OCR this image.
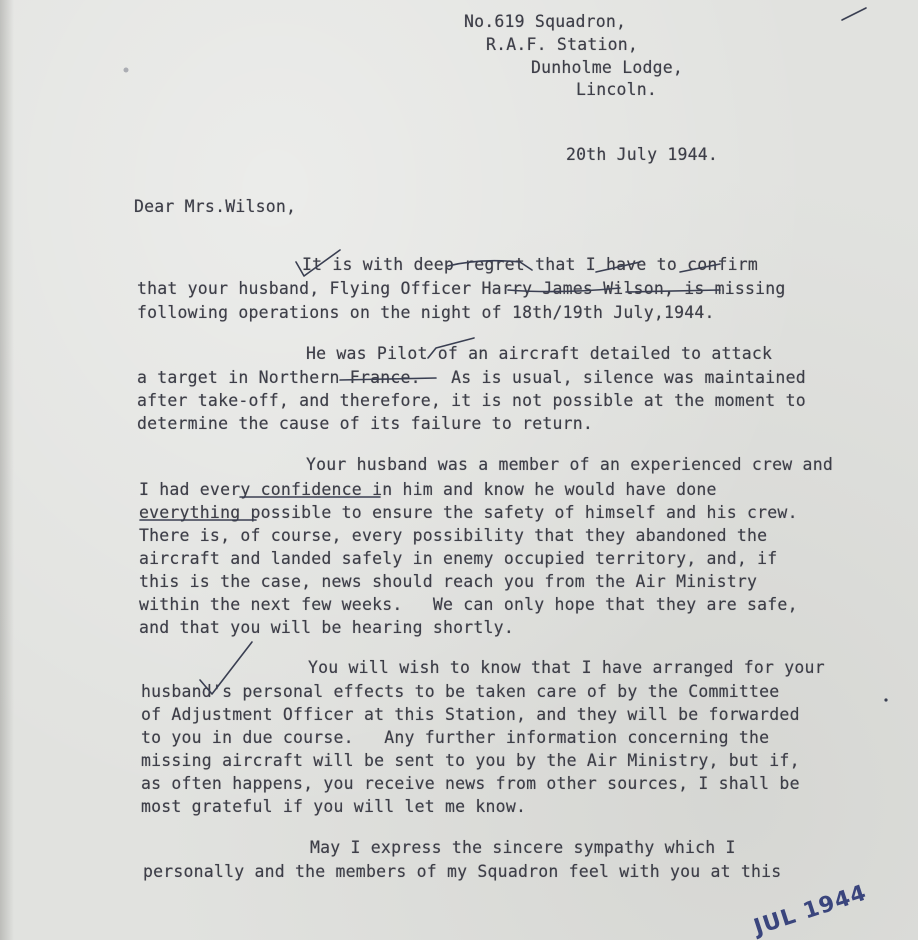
No.619 Squadron,
R.A.F. Station,
Dunholme Lodge,
Lincoln.
20th July 1944.
Dear Mrs.Wilson,
It is with deep regret that I have to confirm
that your husband, Flying Officer Harry James Wilson, is missing
following operations on the night of 18th/19th July,1944.
He was Pilot of an aircraft detailed to attack
a target in Northern France.   As is usual, silence was maintained
after take-off, and therefore, it is not possible at the moment to
determine the cause of its failure to return.
Your husband was a member of an experienced crew and
I had every confidence in him and know he would have done
everything possible to ensure the safety of himself and his crew.
There is, of course, every possibility that they abandoned the
aircraft and landed safely in enemy occupied territory, and, if
this is the case, news should reach you from the Air Ministry
within the next few weeks.   We can only hope that they are safe,
and that you will be hearing shortly.
You will wish to know that I have arranged for your
husband's personal effects to be taken care of by the Committee
of Adjustment Officer at this Station, and they will be forwarded
to you in due course.   Any further information concerning the
missing aircraft will be sent to you by the Air Ministry, but if,
as often happens, you receive news from other sources, I shall be
most grateful if you will let me know.
May I express the sincere sympathy which I
personally and the members of my Squadron feel with you at this
JUL 1944
